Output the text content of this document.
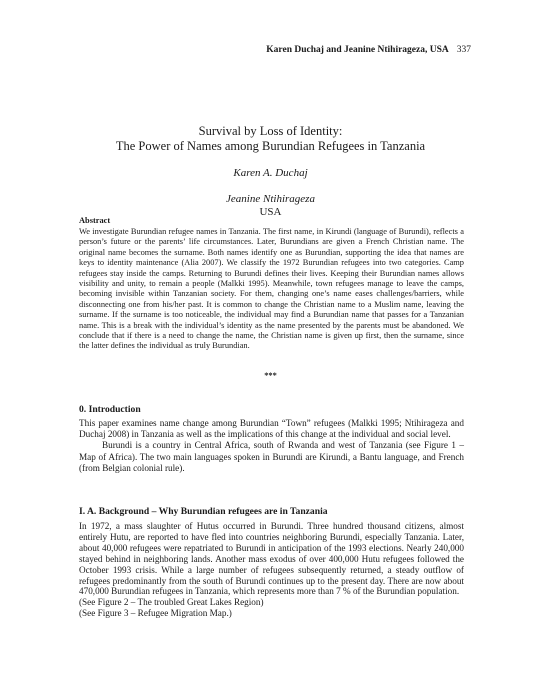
Karen Duchaj and Jeanine Ntihirageza, USA 337
Survival by Loss of Identity:
The Power of Names among Burundian Refugees in Tanzania
Karen A. Duchaj
Jeanine Ntihirageza
USA
Abstract
We investigate Burundian refugee names in Tanzania. The first name, in Kirundi (language of Burundi), reflects a person’s future or the parents’ life circumstances. Later, Burundians are given a French Christian name. The original name becomes the surname. Both names identify one as Burundian, supporting the idea that names are keys to identity maintenance (Alia 2007). We classify the 1972 Burundian refugees into two categories. Camp refugees stay inside the camps. Returning to Burundi defines their lives. Keeping their Burundian names allows visibility and unity, to remain a people (Malkki 1995). Meanwhile, town refugees manage to leave the camps, becoming invisible within Tanzanian society. For them, changing one’s name eases challenges/barriers, while disconnecting one from his/her past. It is common to change the Christian name to a Muslim name, leaving the surname. If the surname is too noticeable, the individual may find a Burundian name that passes for a Tanzanian name. This is a break with the individual’s identity as the name presented by the parents must be abandoned. We conclude that if there is a need to change the name, the Christian name is given up first, then the surname, since the latter defines the individual as truly Burundian.
***
0. Introduction

This paper examines name change among Burundian “Town” refugees (Malkki 1995; Ntihirageza and Duchaj 2008) in Tanzania as well as the implications of this change at the individual and social level.

Burundi is a country in Central Africa, south of Rwanda and west of Tanzania (see Figure 1 – Map of Africa). The two main languages spoken in Burundi are Kirundi, a Bantu language, and French (from Belgian colonial rule).

I. A. Background – Why Burundian refugees are in Tanzania

In 1972, a mass slaughter of Hutus occurred in Burundi. Three hundred thousand citizens, almost entirely Hutu, are reported to have fled into countries neighboring Burundi, especially Tanzania. Later, about 40,000 refugees were repatriated to Burundi in anticipation of the 1993 elections. Nearly 240,000 stayed behind in neighboring lands. Another mass exodus of over 400,000 Hutu refugees followed the October 1993 crisis. While a large number of refugees subsequently returned, a steady outflow of refugees predominantly from the south of Burundi continues up to the present day. There are now about 470,000 Burundian refugees in Tanzania, which represents more than 7 % of the Burundian population.

(See Figure 2 – The troubled Great Lakes Region)

(See Figure 3 – Refugee Migration Map.)
